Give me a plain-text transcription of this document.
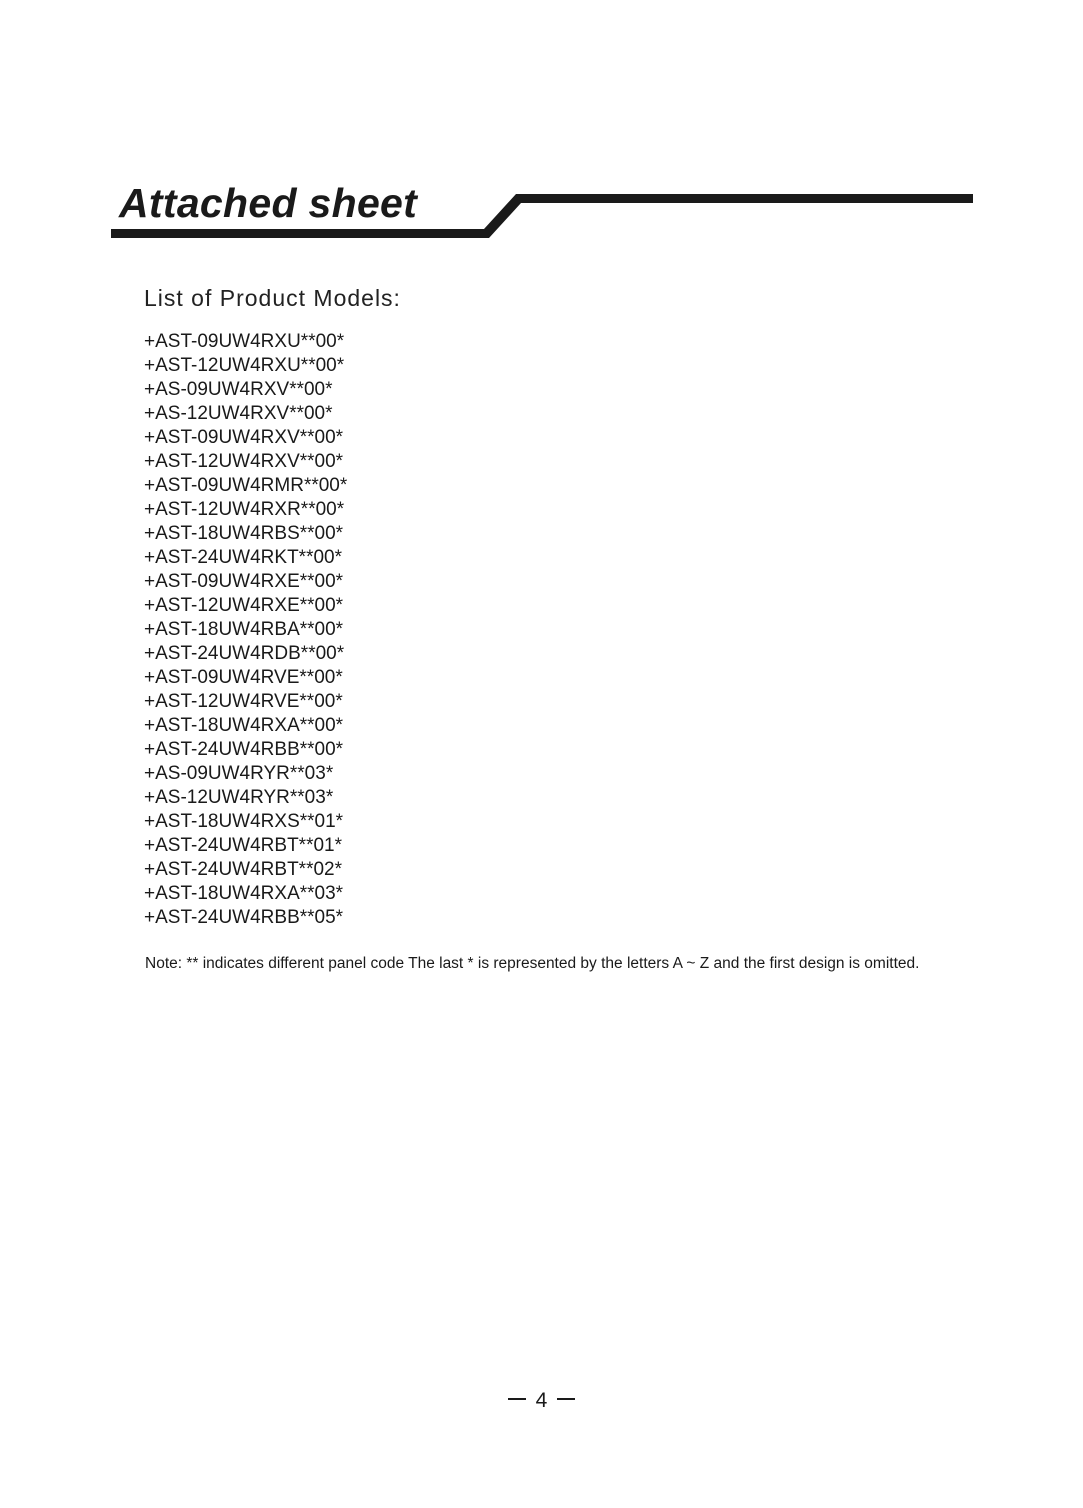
Attached sheet
List of Product Models:
+AST-09UW4RXU**00*
+AST-12UW4RXU**00*
+AS-09UW4RXV**00*
+AS-12UW4RXV**00*
+AST-09UW4RXV**00*
+AST-12UW4RXV**00*
+AST-09UW4RMR**00*
+AST-12UW4RXR**00*
+AST-18UW4RBS**00*
+AST-24UW4RKT**00*
+AST-09UW4RXE**00*
+AST-12UW4RXE**00*
+AST-18UW4RBA**00*
+AST-24UW4RDB**00*
+AST-09UW4RVE**00*
+AST-12UW4RVE**00*
+AST-18UW4RXA**00*
+AST-24UW4RBB**00*
+AS-09UW4RYR**03*
+AS-12UW4RYR**03*
+AST-18UW4RXS**01*
+AST-24UW4RBT**01*
+AST-24UW4RBT**02*
+AST-18UW4RXA**03*
+AST-24UW4RBB**05*

Note: ** indicates different panel code The last * is represented by the letters A ~ Z and the first design is omitted.

4
